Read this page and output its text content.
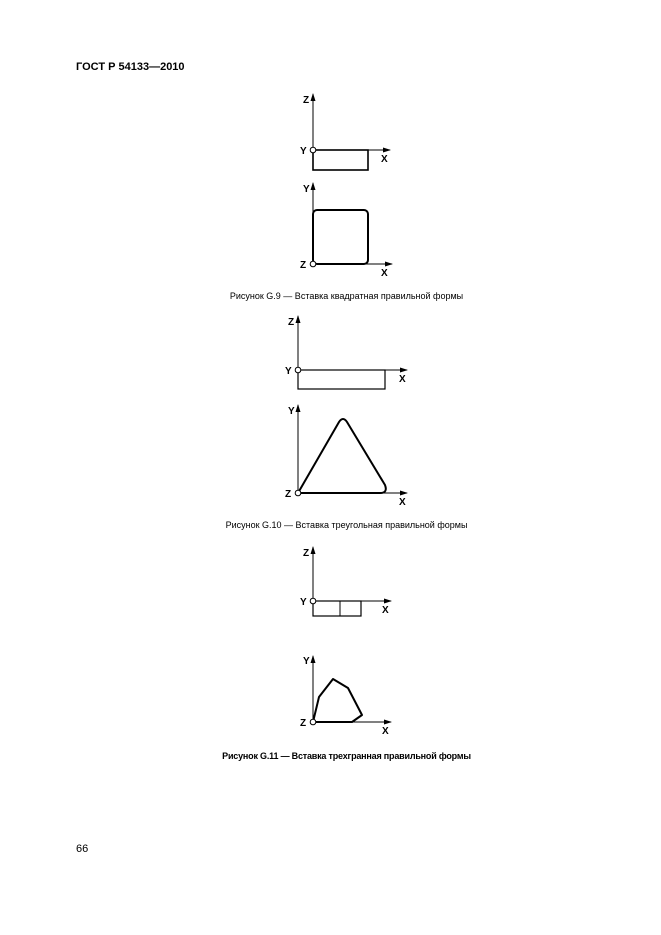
ГОСТ Р 54133—2010
Z
Y
X
Y
Z
X
Z
Y
X
Y
Z
X
Z
Y
X
Y
Z
X
Рисунок G.9 — Вставка квадратная правильной формы
Рисунок G.10 — Вставка треугольная правильной формы
Рисунок G.11 — Вставка трехгранная правильной формы
66
